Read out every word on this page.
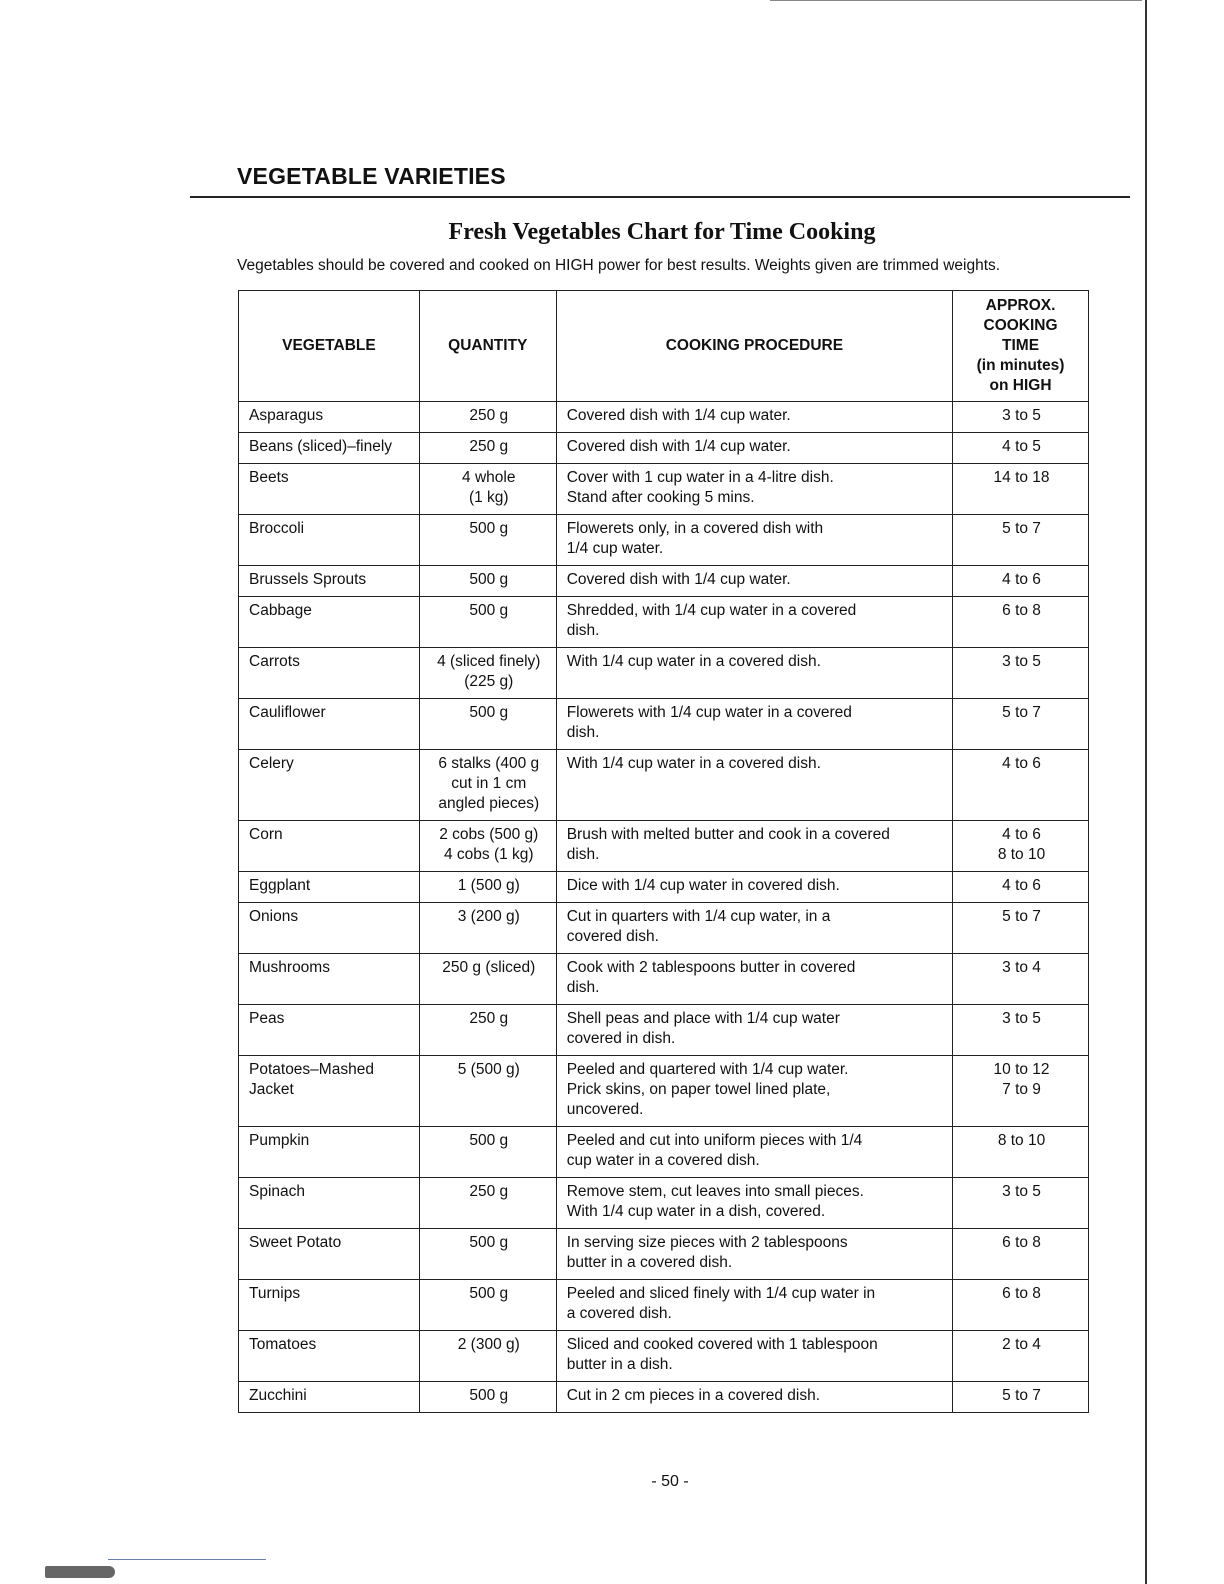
VEGETABLE VARIETIES
Fresh Vegetables Chart for Time Cooking

Vegetables should be covered and cooked on HIGH power for best results. Weights given are trimmed weights.

VEGETABLE	QUANTITY	COOKING PROCEDURE	APPROX.
COOKING
TIME
(in minutes)
on HIGH
Asparagus	250 g	Covered dish with 1/4 cup water.	3 to 5
Beans (sliced)–finely	250 g	Covered dish with 1/4 cup water.	4 to 5
Beets	4 whole
(1 kg)	Cover with 1 cup water in a 4-litre dish.
Stand after cooking 5 mins.	14 to 18
Broccoli	500 g	Flowerets only, in a covered dish with
1/4 cup water.	5 to 7
Brussels Sprouts	500 g	Covered dish with 1/4 cup water.	4 to 6
Cabbage	500 g	Shredded, with 1/4 cup water in a covered
dish.	6 to 8
Carrots	4 (sliced finely)
(225 g)	With 1/4 cup water in a covered dish.	3 to 5
Cauliflower	500 g	Flowerets with 1/4 cup water in a covered
dish.	5 to 7
Celery	6 stalks (400 g
cut in 1 cm
angled pieces)	With 1/4 cup water in a covered dish.	4 to 6
Corn	2 cobs (500 g)
4 cobs (1 kg)	Brush with melted butter and cook in a covered
dish.	4 to 6
8 to 10
Eggplant	1 (500 g)	Dice with 1/4 cup water in covered dish.	4 to 6
Onions	3 (200 g)	Cut in quarters with 1/4 cup water, in a
covered dish.	5 to 7
Mushrooms	250 g (sliced)	Cook with 2 tablespoons butter in covered
dish.	3 to 4
Peas	250 g	Shell peas and place with 1/4 cup water
covered in dish.	3 to 5
Potatoes–Mashed
Jacket	5 (500 g)	Peeled and quartered with 1/4 cup water.
Prick skins, on paper towel lined plate,
uncovered.	10 to 12
7 to 9
Pumpkin	500 g	Peeled and cut into uniform pieces with 1/4
cup water in a covered dish.	8 to 10
Spinach	250 g	Remove stem, cut leaves into small pieces.
With 1/4 cup water in a dish, covered.	3 to 5
Sweet Potato	500 g	In serving size pieces with 2 tablespoons
butter in a covered dish.	6 to 8
Turnips	500 g	Peeled and sliced finely with 1/4 cup water in
a covered dish.	6 to 8
Tomatoes	2 (300 g)	Sliced and cooked covered with 1 tablespoon
butter in a dish.	2 to 4
Zucchini	500 g	Cut in 2 cm pieces in a covered dish.	5 to 7

- 50 -
